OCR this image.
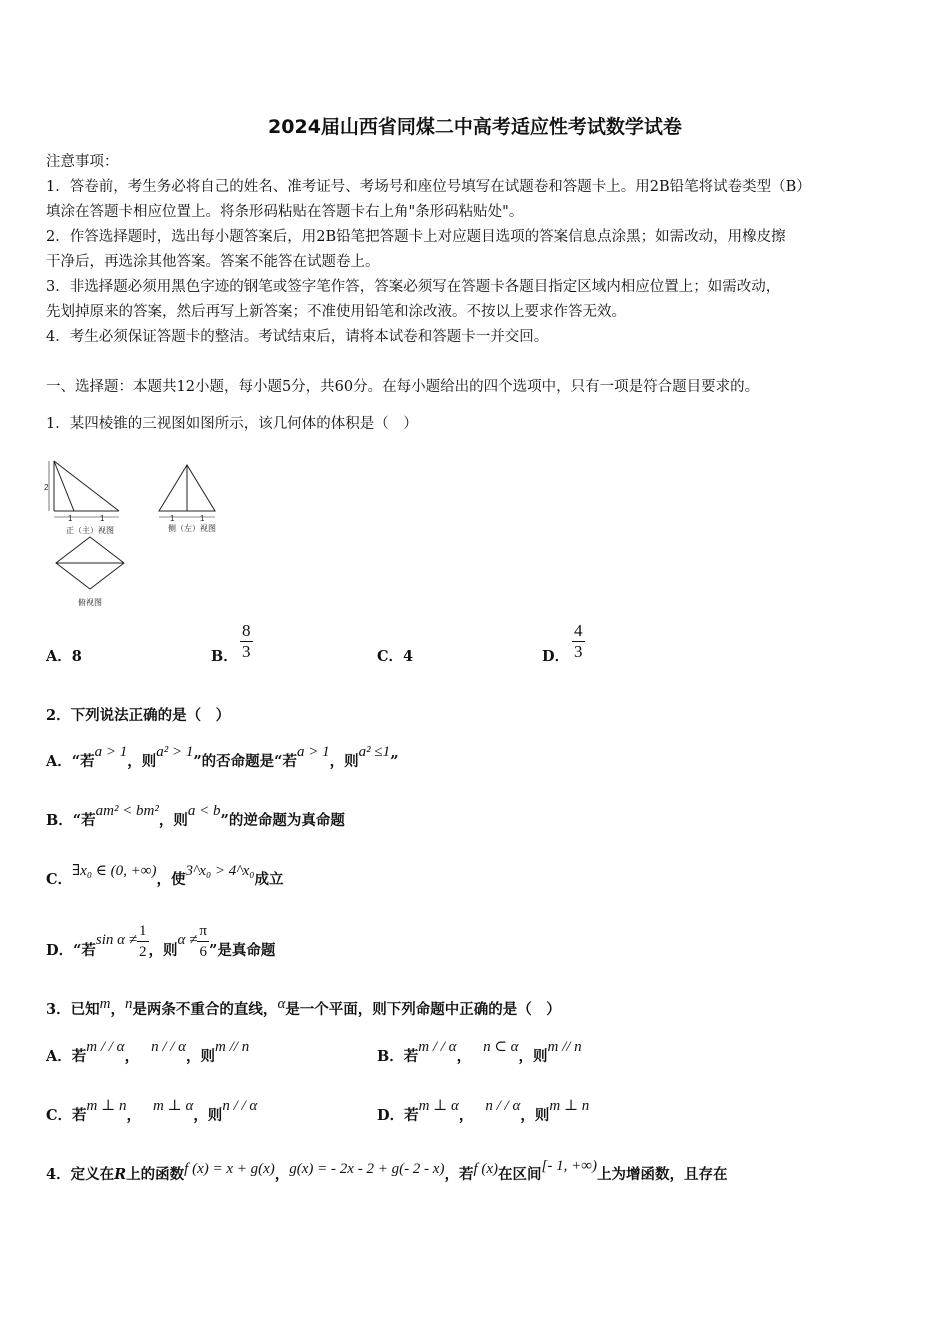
2024届山西省同煤二中高考适应性考试数学试卷
注意事项：
1．答卷前，考生务必将自己的姓名、准考证号、考场号和座位号填写在试题卷和答题卡上。用2B铅笔将试卷类型（B）
填涂在答题卡相应位置上。将条形码粘贴在答题卡右上角"条形码粘贴处"。
2．作答选择题时，选出每小题答案后，用2B铅笔把答题卡上对应题目选项的答案信息点涂黑；如需改动，用橡皮擦
干净后，再选涂其他答案。答案不能答在试题卷上。
3．非选择题必须用黑色字迹的钢笔或签字笔作答，答案必须写在答题卡各题目指定区域内相应位置上；如需改动，
先划掉原来的答案，然后再写上新答案；不准使用铅笔和涂改液。不按以上要求作答无效。
4．考生必须保证答题卡的整洁。考试结束后，请将本试卷和答题卡一并交回。
一、选择题：本题共12小题，每小题5分，共60分。在每小题给出的四个选项中，只有一项是符合题目要求的。
1．某四棱锥的三视图如图所示，该几何体的体积是（　）
2
1	1
正（主）视图
1	1
侧（左）视图
俯视图
A．8	B． $\frac{8}{3}$	C．4	D． $\frac{4}{3}$
2．下列说法正确的是（　）
A．“若a > 1，则a² > 1”的否命题是“若a > 1，则a² ≤1”
B．“若am² < bm²，则a < b”的逆命题为真命题
C．∃x₀ ∈ (0, +∞)，使3^x₀ > 4^x₀成立
D．“若$\sin \alpha \ne \frac{1}{2}$ ，则$\alpha \ne \frac{\pi}{6}$ ”是真命题
3．已知m，n是两条不重合的直线，α是一个平面，则下列命题中正确的是（　）
A．若m / / α，n / / α，则m // n
B．若m / / α，n ⊂ α，则m // n
C．若m ⊥ n，m ⊥ α，则n / / α
D．若m ⊥ α，n / / α，则m ⊥ n
4．定义在R上的函数f (x) = x + g(x)，g(x) = - 2x - 2 + g(- 2 - x)，若f (x)在区间[- 1, +∞)上为增函数，且存在
